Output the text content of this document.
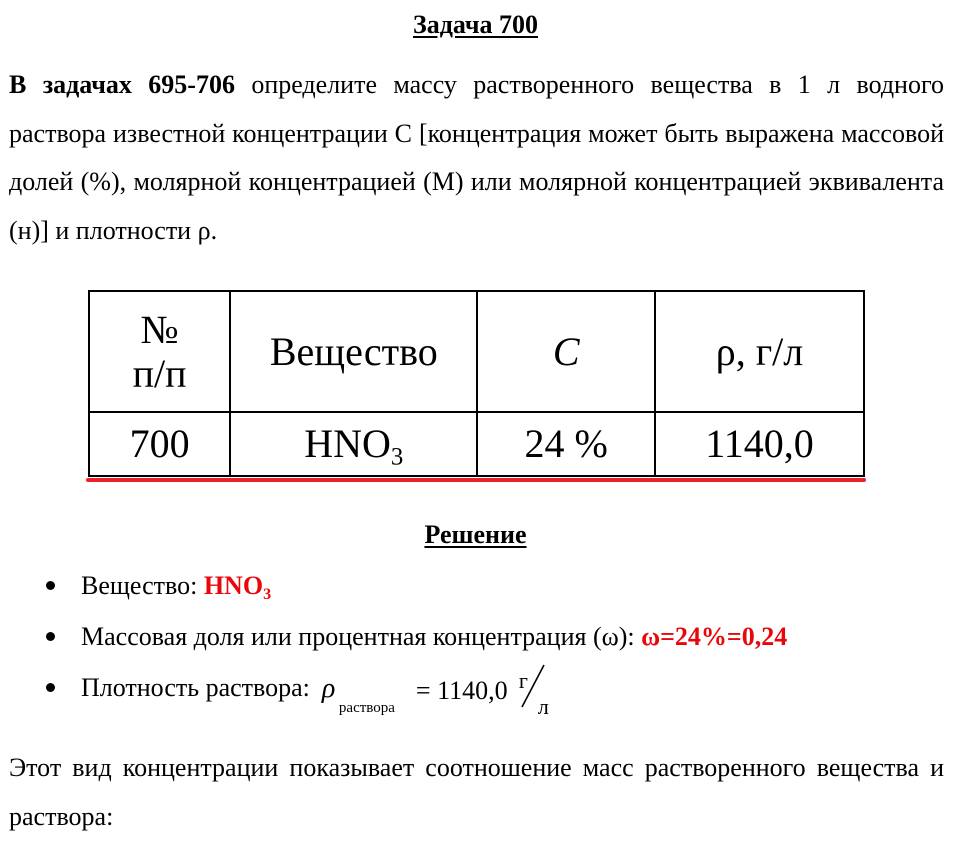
Задача 700
В задачах 695-706 определите массу растворенного вещества в 1 л водного раствора известной концентрации С [концентрация может быть выражена массовой долей (%), молярной концентрацией (М) или молярной концентрацией эквивалента (н)] и плотности ρ.
№
п/п	Вещество	C	ρ, г/л
700	$HNO_3$	24 %	1140,0
Решение
Вещество: $HNO_3$
Массовая доля или процентная концентрация (ω): ω=24%=0,24
Плотность раствора: ρ
раствора
= 1140,0 г
л
Этот вид концентрации показывает соотношение масс растворенного вещества и раствора:
